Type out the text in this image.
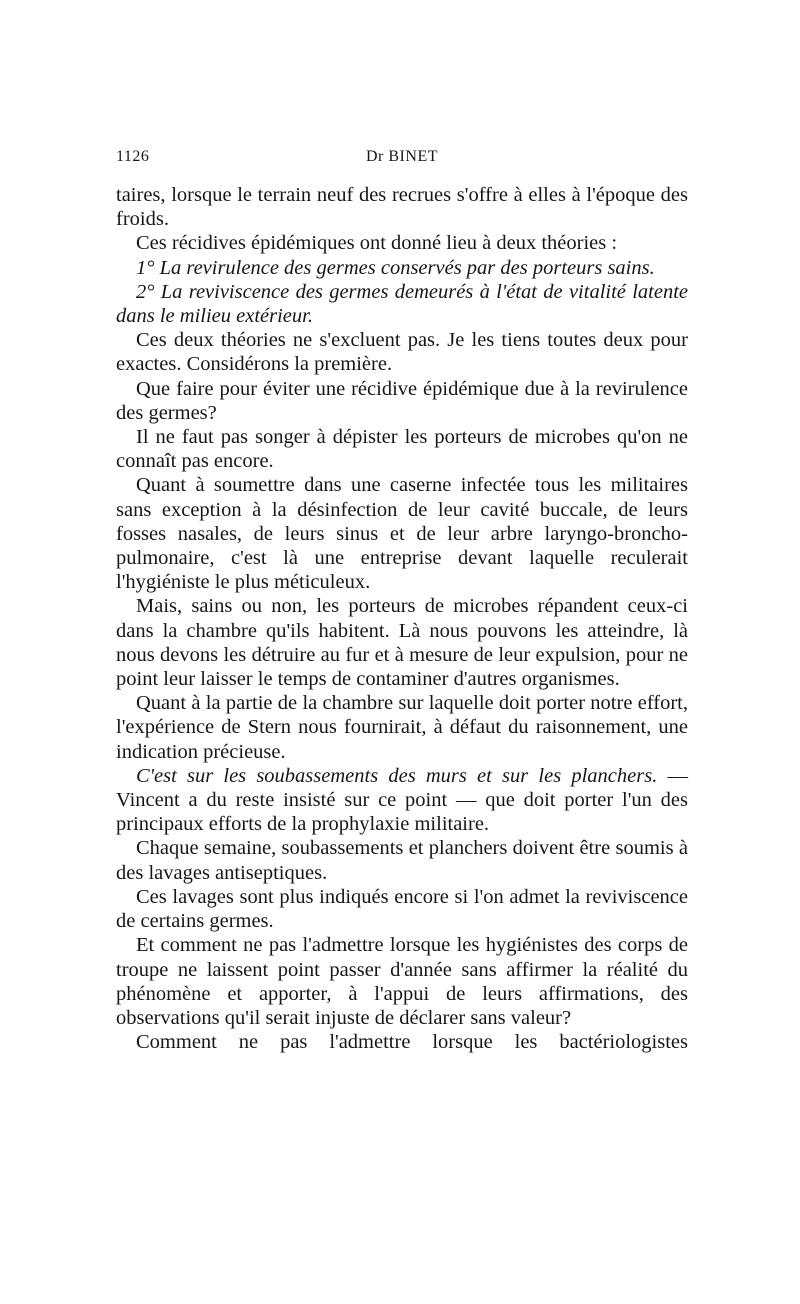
1126	Dr BINET

taires, lorsque le terrain neuf des recrues s'offre à elles à l'époque des froids.

Ces récidives épidémiques ont donné lieu à deux théories :

1° La revirulence des germes conservés par des porteurs sains.

2° La reviviscence des germes demeurés à l'état de vitalité latente dans le milieu extérieur.

Ces deux théories ne s'excluent pas. Je les tiens toutes deux pour exactes. Considérons la première.

Que faire pour éviter une récidive épidémique due à la revirulence des germes?

Il ne faut pas songer à dépister les porteurs de microbes qu'on ne connaît pas encore.

Quant à soumettre dans une caserne infectée tous les militaires sans exception à la désinfection de leur cavité buccale, de leurs fosses nasales, de leurs sinus et de leur arbre laryngo-broncho-pulmonaire, c'est là une entreprise devant laquelle reculerait l'hygiéniste le plus méticuleux.

Mais, sains ou non, les porteurs de microbes répandent ceux-ci dans la chambre qu'ils habitent. Là nous pouvons les atteindre, là nous devons les détruire au fur et à mesure de leur expulsion, pour ne point leur laisser le temps de contaminer d'autres organismes.

Quant à la partie de la chambre sur laquelle doit porter notre effort, l'expérience de Stern nous fournirait, à défaut du raisonnement, une indication précieuse.

C'est sur les soubassements des murs et sur les planchers. — Vincent a du reste insisté sur ce point — que doit porter l'un des principaux efforts de la prophylaxie militaire.

Chaque semaine, soubassements et planchers doivent être soumis à des lavages antiseptiques.

Ces lavages sont plus indiqués encore si l'on admet la reviviscence de certains germes.

Et comment ne pas l'admettre lorsque les hygiénistes des corps de troupe ne laissent point passer d'année sans affirmer la réalité du phénomène et apporter, à l'appui de leurs affirmations, des observations qu'il serait injuste de déclarer sans valeur?

Comment ne pas l'admettre lorsque les bactériologistes
